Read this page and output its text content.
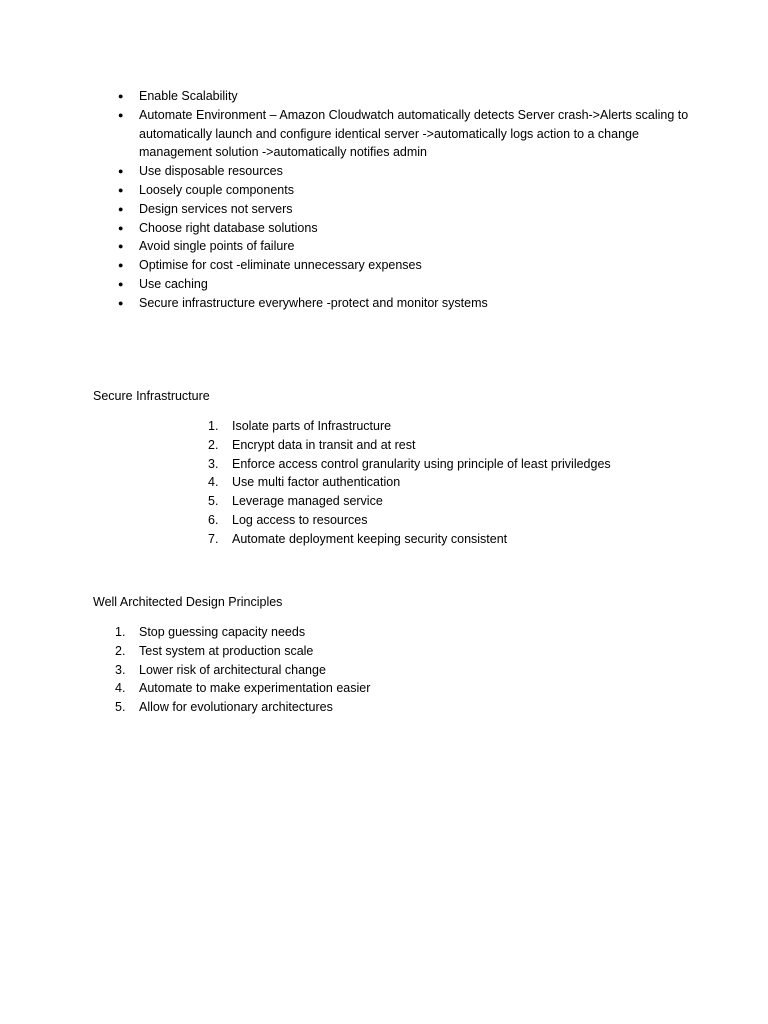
● Enable Scalability
● Automate Environment – Amazon Cloudwatch automatically detects Server crash->Alerts scaling to automatically launch and configure identical server ->automatically logs action to a change management solution ->automatically notifies admin
● Use disposable resources
● Loosely couple components
● Design services not servers
● Choose right database solutions
● Avoid single points of failure
● Optimise for cost -eliminate unnecessary expenses
● Use caching
● Secure infrastructure everywhere -protect and monitor systems
Secure Infrastructure
1. Isolate parts of Infrastructure
2. Encrypt data in transit and at rest
3. Enforce access control granularity using principle of least priviledges
4. Use multi factor authentication
5. Leverage managed service
6. Log access to resources
7. Automate deployment keeping security consistent
Well Architected Design Principles
1. Stop guessing capacity needs
2. Test system at production scale
3. Lower risk of architectural change
4. Automate to make experimentation easier
5. Allow for evolutionary architectures
